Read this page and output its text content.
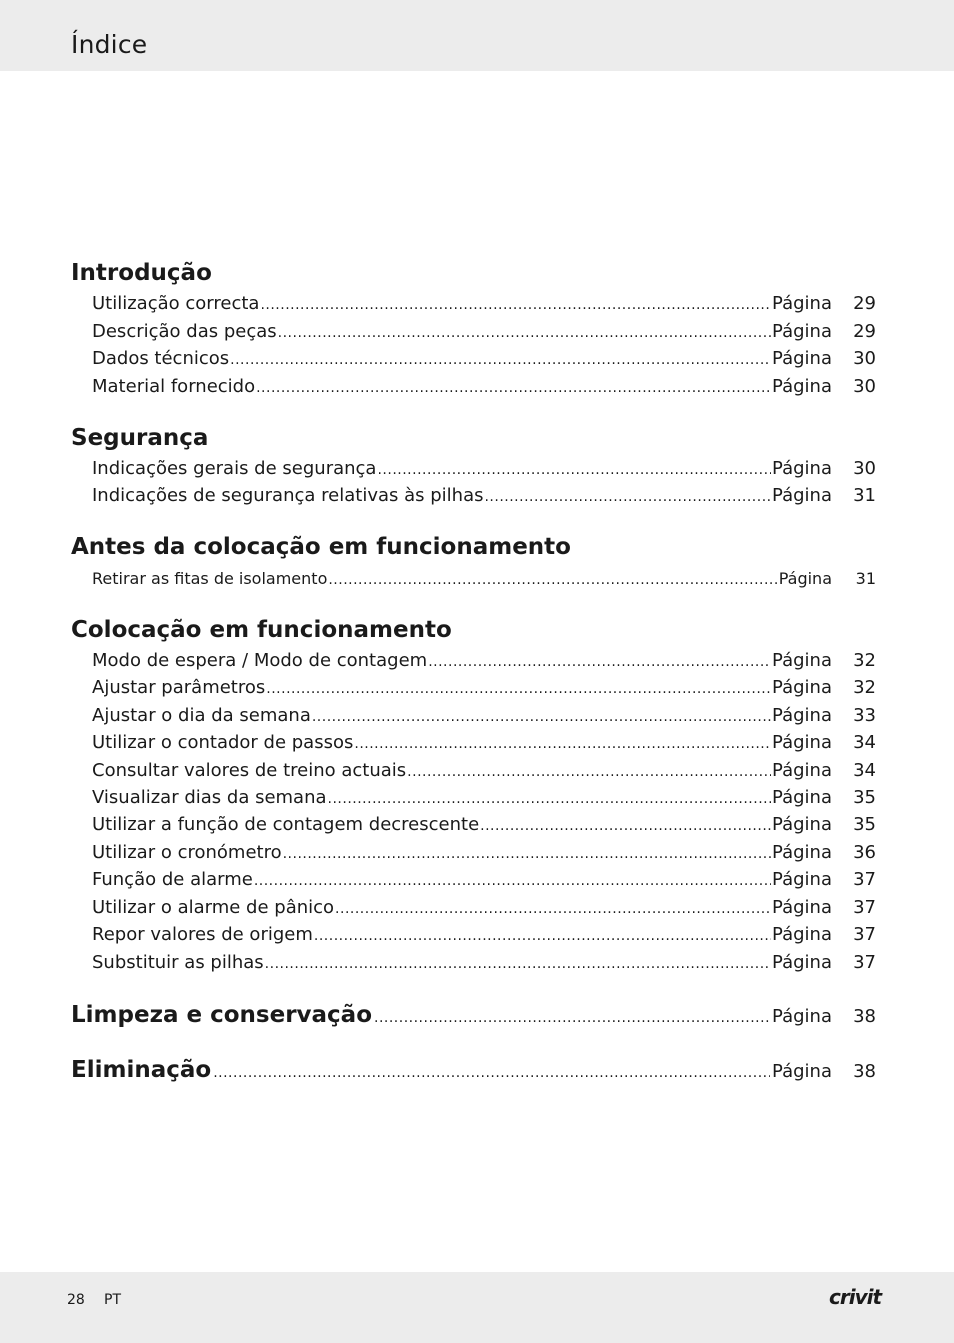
Índice
Introdução
Utilização correcta .....	Página	29
Descrição das peças .....	Página	29
Dados técnicos .....	Página	30
Material fornecido .....	Página	30
Segurança
Indicações gerais de segurança .....	Página	30
Indicações de segurança relativas às pilhas .....	Página	31
Antes da colocação em funcionamento
Retirar as fitas de isolamento .....	Página	31
Colocação em funcionamento
Modo de espera / Modo de contagem .....	Página	32
Ajustar parâmetros .....	Página	32
Ajustar o dia da semana .....	Página	33
Utilizar o contador de passos .....	Página	34
Consultar valores de treino actuais .....	Página	34
Visualizar dias da semana .....	Página	35
Utilizar a função de contagem decrescente .....	Página	35
Utilizar o cronómetro .....	Página	36
Função de alarme .....	Página	37
Utilizar o alarme de pânico .....	Página	37
Repor valores de origem .....	Página	37
Substituir as pilhas .....	Página	37
Limpeza e conservação .....	Página	38
Eliminação .....	Página	38
28 PT	crivit
